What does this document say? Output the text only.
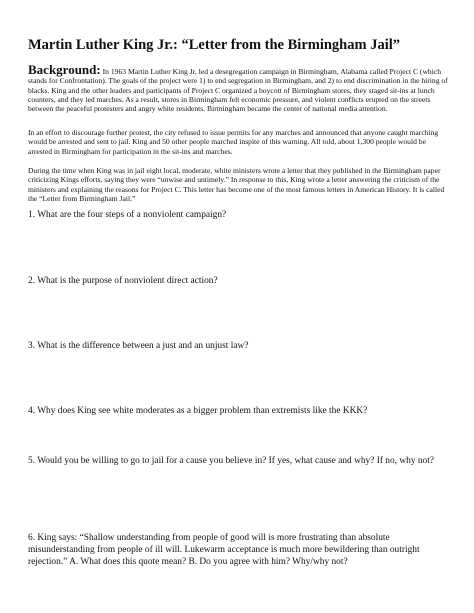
Martin Luther King Jr.: “Letter from the Birmingham Jail”
Background: In 1963 Martin Luther King Jr, led a desegregation campaign in Birmingham, Alabama called Project C (which stands for Confrontation). The goals of the project were 1) to end segregation in Birmingham, and 2) to end discrimination in the hiring of blacks. King and the other leaders and participants of Project C organized a boycott of Birmingham stores, they staged sit-ins at lunch counters, and they led marches. As a result, stores in Birmingham felt economic pressure, and violent conflicts erupted on the streets between the peaceful protesters and angry white residents. Birmingham became the center of national media attention.
In an effort to discourage further protest, the city refused to issue permits for any marches and announced that anyone caught marching would be arrested and sent to jail. King and 50 other people marched inspite of this warning. All told, about 1,300 people would be arrested in Birmingham for participation in the sit-ins and marches.
During the time when King was in jail eight local, moderate, white ministers wrote a letter that they published in the Birmingham paper criticizing Kings efforts, saying they were “unwise and untimely.” In response to this, King wrote a letter answering the criticism of the ministers and explaining the reasons for Project C. This letter has become one of the most famous letters in American History. It is called the “Letter from Birmingham Jail.”
1. What are the four steps of a nonviolent campaign?
2. What is the purpose of nonviolent direct action?
3. What is the difference between a just and an unjust law?
4. Why does King see white moderates as a bigger problem than extremists like the KKK?
5. Would you be willing to go to jail for a cause you believe in? If yes, what cause and why? If no, why not?
6. King says: “Shallow understanding from people of good will is more frustrating than absolute misunderstanding from people of ill will. Lukewarm acceptance is much more bewildering than outright rejection.” A. What does this quote mean? B. Do you agree with him? Why/why not?
